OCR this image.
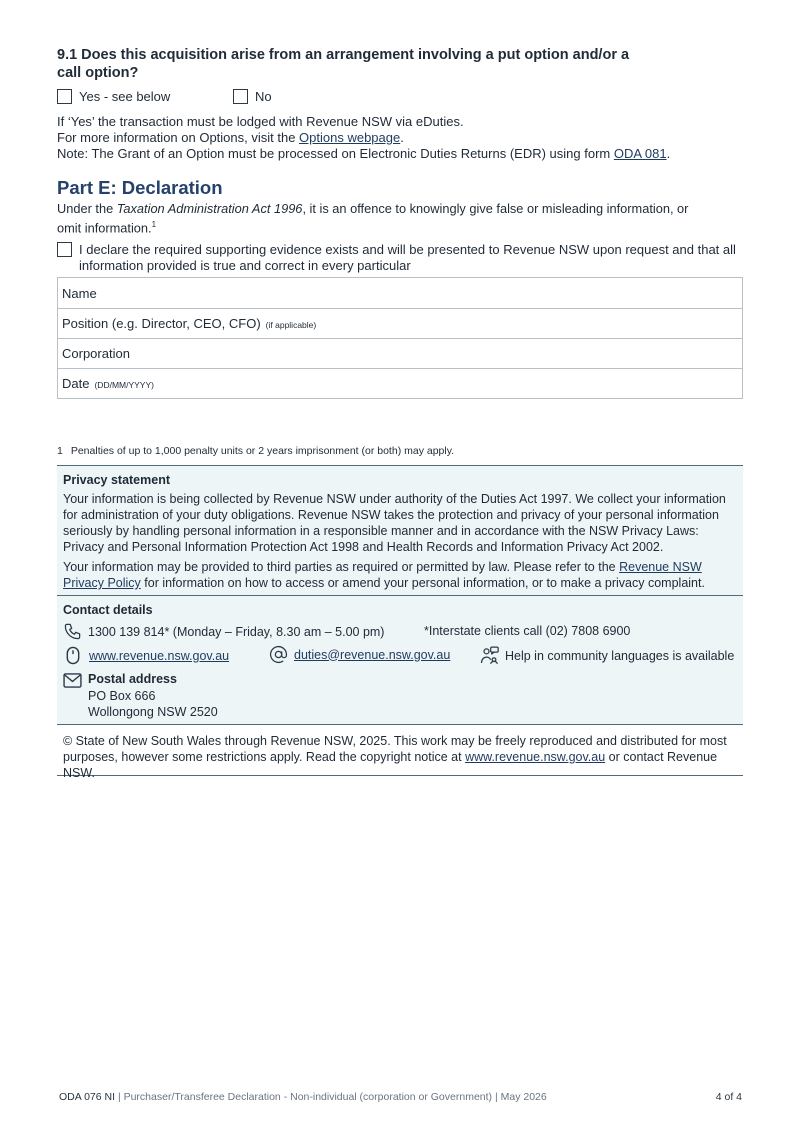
9.1 Does this acquisition arise from an arrangement involving a put option and/or a call option?
Yes - see below	No
If ‘Yes’ the transaction must be lodged with Revenue NSW via eDuties.
For more information on Options, visit the Options webpage.
Note: The Grant of an Option must be processed on Electronic Duties Returns (EDR) using form ODA 081.
Part E: Declaration
Under the Taxation Administration Act 1996, it is an offence to knowingly give false or misleading information, or omit information.$^1$
I declare the required supporting evidence exists and will be presented to Revenue NSW upon request and that all information provided is true and correct in every particular
Name
Position (e.g. Director, CEO, CFO) (if applicable)
Corporation
Date (DD/MM/YYYY)
1 Penalties of up to 1,000 penalty units or 2 years imprisonment (or both) may apply.
Privacy statement

Your information is being collected by Revenue NSW under authority of the Duties Act 1997. We collect your information for administration of your duty obligations. Revenue NSW takes the protection and privacy of your personal information seriously by handling personal information in a responsible manner and in accordance with the NSW Privacy Laws: Privacy and Personal Information Protection Act 1998 and Health Records and Information Privacy Act 2002.

Your information may be provided to third parties as required or permitted by law. Please refer to the Revenue NSW Privacy Policy for information on how to access or amend your personal information, or to make a privacy complaint.

Contact details
1300 139 814* (Monday – Friday, 8.30 am – 5.00 pm)	*Interstate clients call (02) 7808 6900
www.revenue.nsw.gov.au	duties@revenue.nsw.gov.au	Help in community languages is available
Postal address
PO Box 666
Wollongong NSW 2520
© State of New South Wales through Revenue NSW, 2025. This work may be freely reproduced and distributed for most purposes, however some restrictions apply. Read the copyright notice at www.revenue.nsw.gov.au or contact Revenue NSW.
ODA 076 NI | Purchaser/Transferee Declaration - Non-individual (corporation or Government) | May 2026	4 of 4
